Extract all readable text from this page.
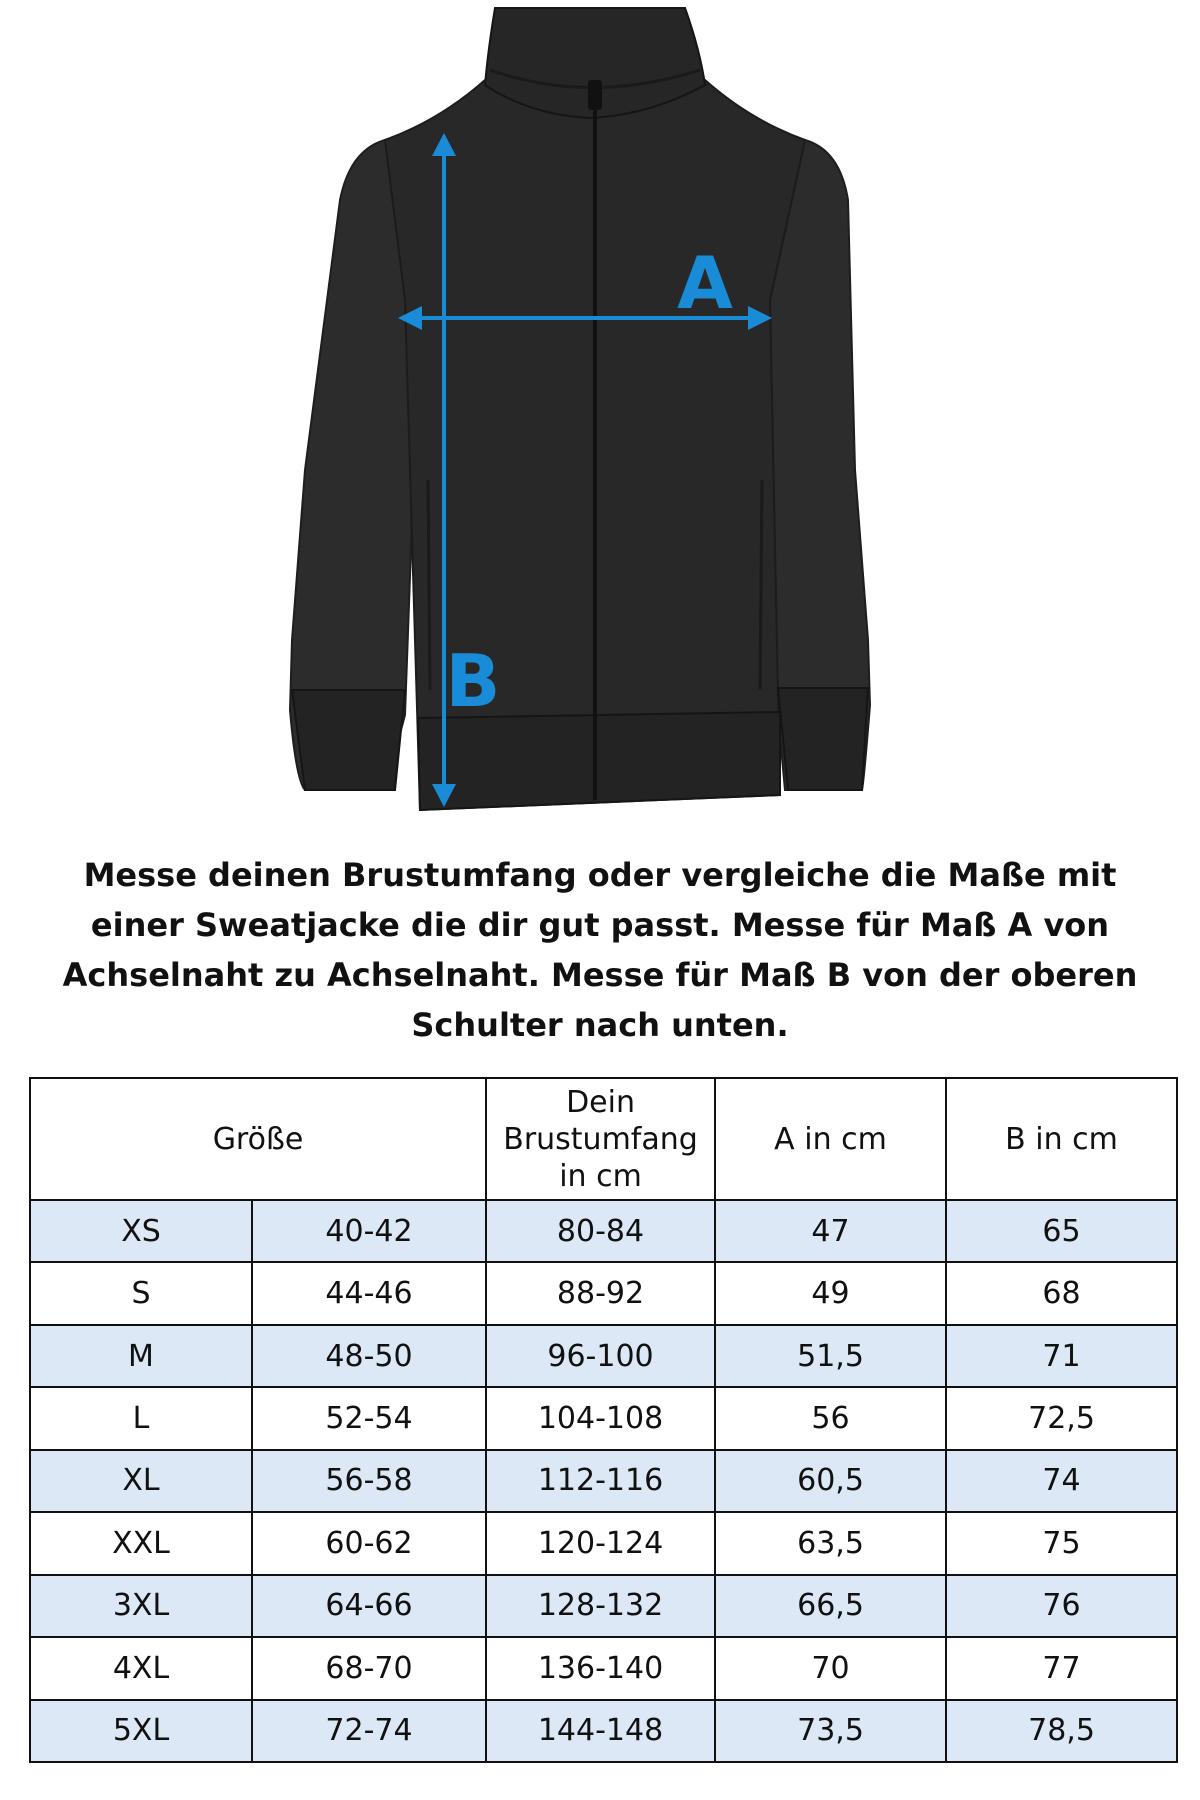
A
B

Messe deinen Brustumfang oder vergleiche die Maße mit einer Sweatjacke die dir gut passt. Messe für Maß A von Achselnaht zu Achselnaht. Messe für Maß B von der oberen Schulter nach unten.

Größe		Dein Brustumfang in cm	A in cm	B in cm
XS	40-42	80-84	47	65
S	44-46	88-92	49	68
M	48-50	96-100	51,5	71
L	52-54	104-108	56	72,5
XL	56-58	112-116	60,5	74
XXL	60-62	120-124	63,5	75
3XL	64-66	128-132	66,5	76
4XL	68-70	136-140	70	77
5XL	72-74	144-148	73,5	78,5
